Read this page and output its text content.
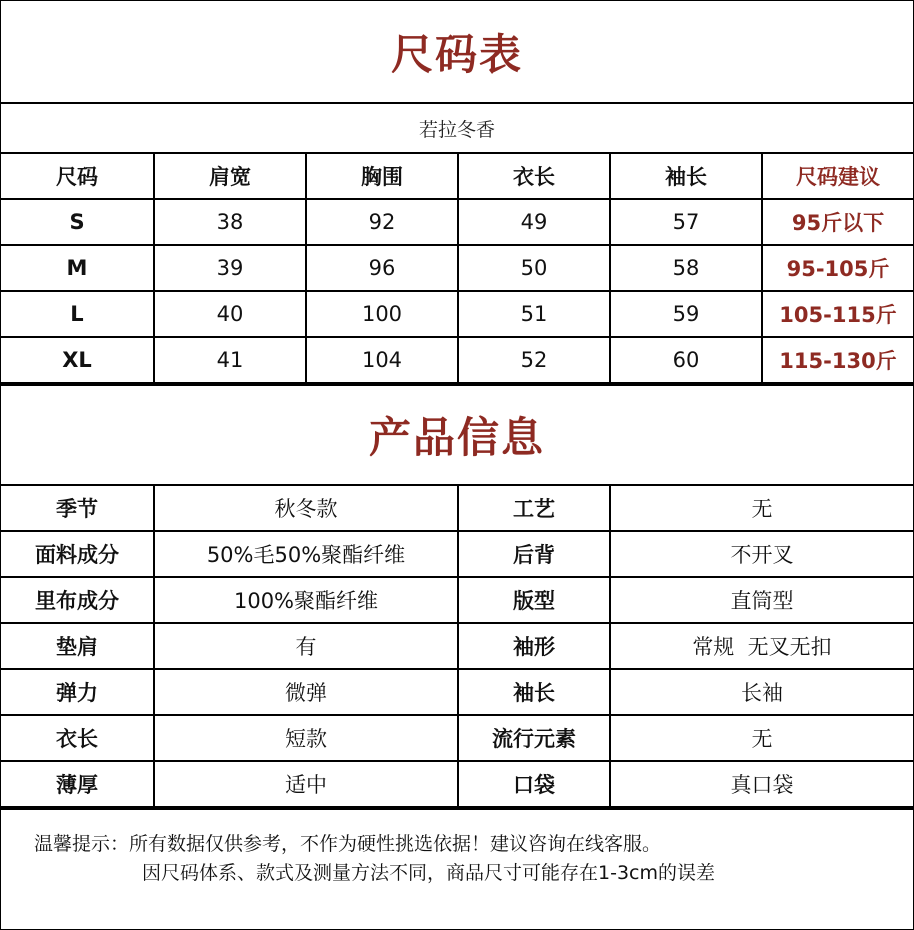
尺码表
若拉冬香
尺码	肩宽	胸围	衣长	袖长	尺码建议
S	38	92	49	57	95斤以下
M	39	96	50	58	95-105斤
L	40	100	51	59	105-115斤
XL	41	104	52	60	115-130斤
产品信息
季节	秋冬款	工艺	无
面料成分	50%毛50%聚酯纤维	后背	不开叉
里布成分	100%聚酯纤维	版型	直筒型
垫肩	有	袖形	常规  无叉无扣
弹力	微弹	袖长	长袖
衣长	短款	流行元素	无
薄厚	适中	口袋	真口袋
温馨提示：所有数据仅供参考，不作为硬性挑选依据！建议咨询在线客服。
因尺码体系、款式及测量方法不同，商品尺寸可能存在1-3cm的误差
